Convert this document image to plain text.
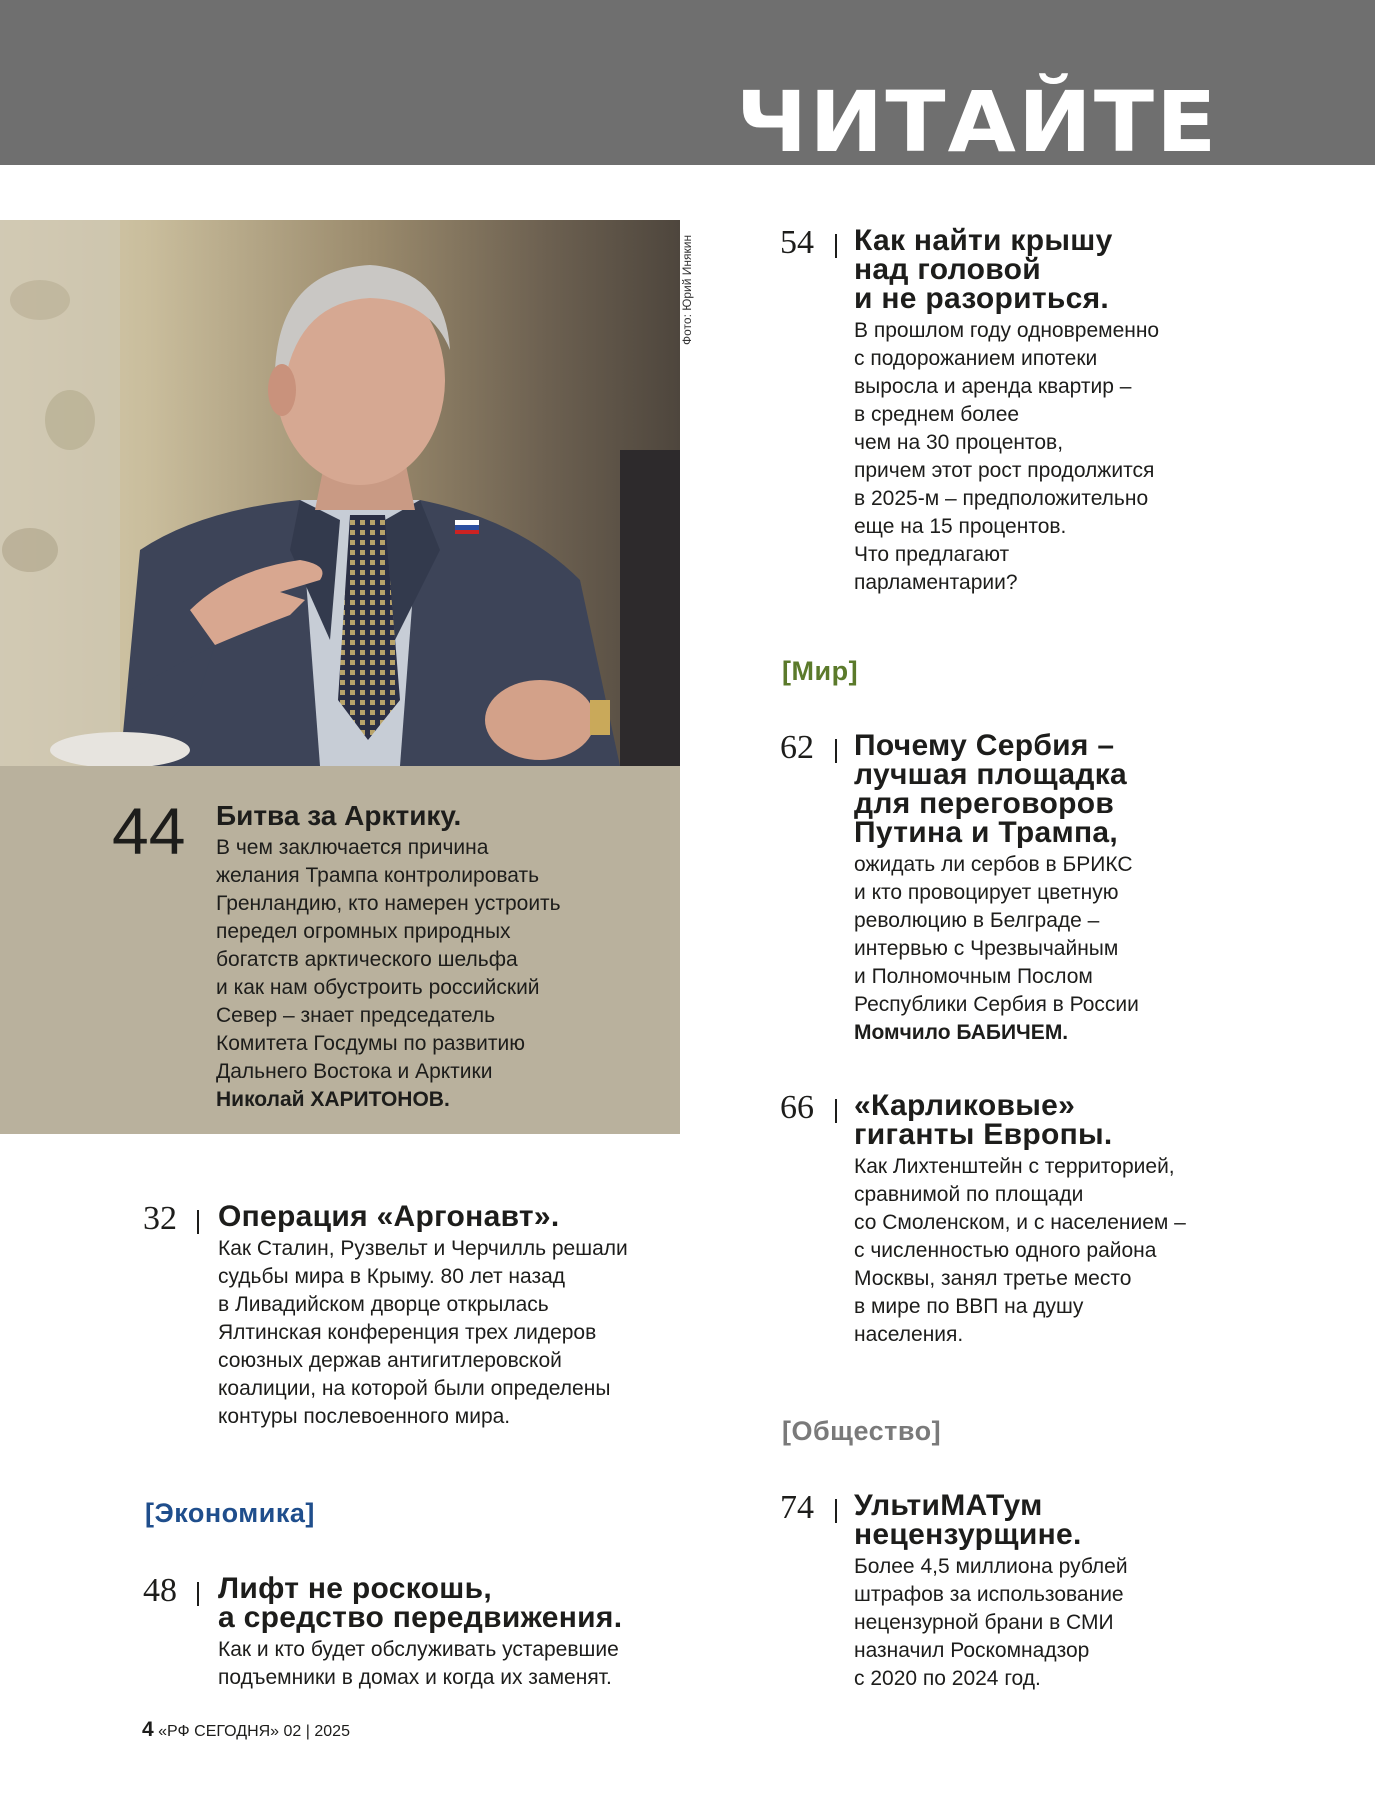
ЧИТАЙТЕ
Фото: Юрий Инякин
44 Битва за Арктику.
В чем заключается причина
желания Трампа контролировать
Гренландию, кто намерен устроить
передел огромных природных
богатств арктического шельфа
и как нам обустроить российский
Север – знает председатель
Комитета Госдумы по развитию
Дальнего Востока и Арктики
Николай ХАРИТОНОВ.
32 Операция «Аргонавт».
Как Сталин, Рузвельт и Черчилль решали
судьбы мира в Крыму. 80 лет назад
в Ливадийском дворце открылась
Ялтинская конференция трех лидеров
союзных держав антигитлеровской
коалиции, на которой были определены
контуры послевоенного мира.
[Экономика]
48 Лифт не роскошь,
а средство передвижения.
Как и кто будет обслуживать устаревшие
подъемники в домах и когда их заменят.
54 Как найти крышу
над головой
и не разориться.
В прошлом году одновременно
с подорожанием ипотеки
выросла и аренда квартир –
в среднем более
чем на 30 процентов,
причем этот рост продолжится
в 2025-м – предположительно
еще на 15 процентов.
Что предлагают
парламентарии?
[Мир]
62 Почему Сербия –
лучшая площадка
для переговоров
Путина и Трампа,
ожидать ли сербов в БРИКС
и кто провоцирует цветную
революцию в Белграде –
интервью с Чрезвычайным
и Полномочным Послом
Республики Сербия в России
Момчило БАБИЧЕМ.
66 «Карликовые»
гиганты Европы.
Как Лихтенштейн с территорией,
сравнимой по площади
со Смоленском, и с населением –
с численностью одного района
Москвы, занял третье место
в мире по ВВП на душу
населения.
[Общество]
74 УльтиМАТум
нецензурщине.
Более 4,5 миллиона рублей
штрафов за использование
нецензурной брани в СМИ
назначил Роскомнадзор
с 2020 по 2024 год.
4 «РФ СЕГОДНЯ» 02 | 2025
